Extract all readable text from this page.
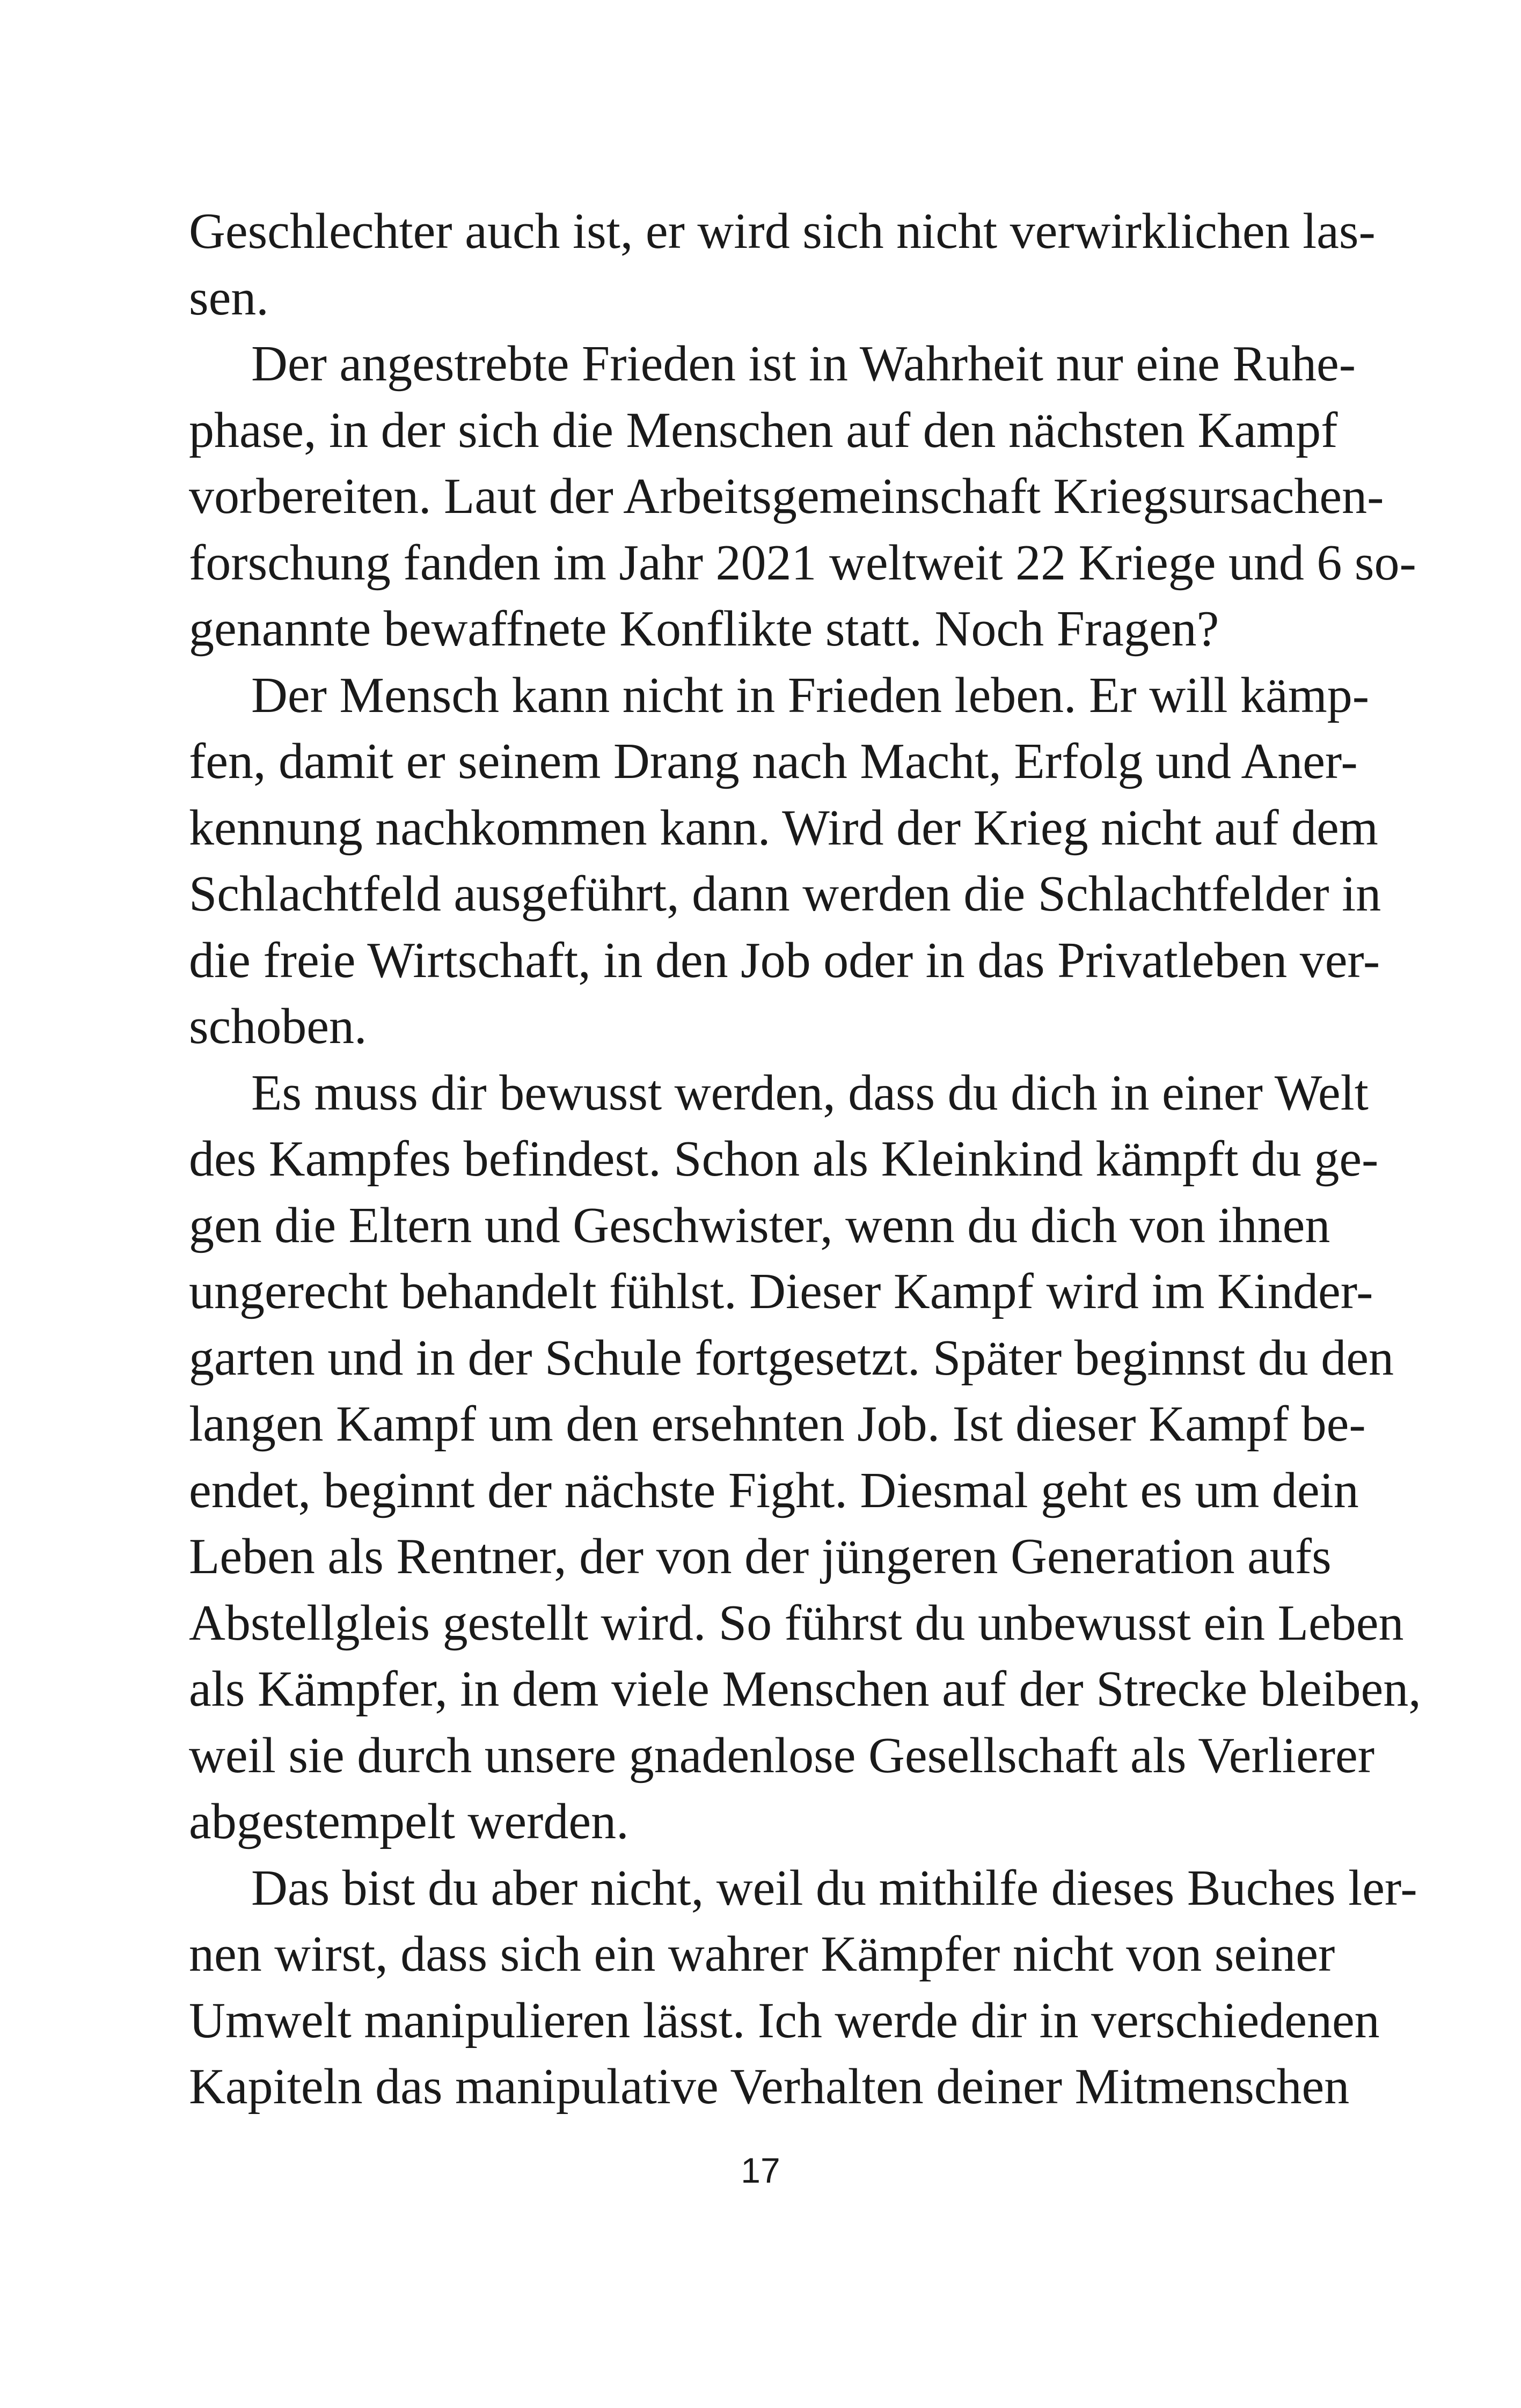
Geschlechter auch ist, er wird sich nicht verwirklichen las-
sen.

Der angestrebte Frieden ist in Wahrheit nur eine Ruhe-
phase, in der sich die Menschen auf den nächsten Kampf
vorbereiten. Laut der Arbeitsgemeinschaft Kriegsursachen-
forschung fanden im Jahr 2021 weltweit 22 Kriege und 6 so-
genannte bewaffnete Konflikte statt. Noch Fragen?

Der Mensch kann nicht in Frieden leben. Er will kämp-
fen, damit er seinem Drang nach Macht, Erfolg und Aner-
kennung nachkommen kann. Wird der Krieg nicht auf dem
Schlachtfeld ausgeführt, dann werden die Schlachtfelder in
die freie Wirtschaft, in den Job oder in das Privatleben ver-
schoben.

Es muss dir bewusst werden, dass du dich in einer Welt
des Kampfes befindest. Schon als Kleinkind kämpft du ge-
gen die Eltern und Geschwister, wenn du dich von ihnen
ungerecht behandelt fühlst. Dieser Kampf wird im Kinder-
garten und in der Schule fortgesetzt. Später beginnst du den
langen Kampf um den ersehnten Job. Ist dieser Kampf be-
endet, beginnt der nächste Fight. Diesmal geht es um dein
Leben als Rentner, der von der jüngeren Generation aufs
Abstellgleis gestellt wird. So führst du unbewusst ein Leben
als Kämpfer, in dem viele Menschen auf der Strecke bleiben,
weil sie durch unsere gnadenlose Gesellschaft als Verlierer
abgestempelt werden.

Das bist du aber nicht, weil du mithilfe dieses Buches ler-
nen wirst, dass sich ein wahrer Kämpfer nicht von seiner
Umwelt manipulieren lässt. Ich werde dir in verschiedenen
Kapiteln das manipulative Verhalten deiner Mitmenschen

17
